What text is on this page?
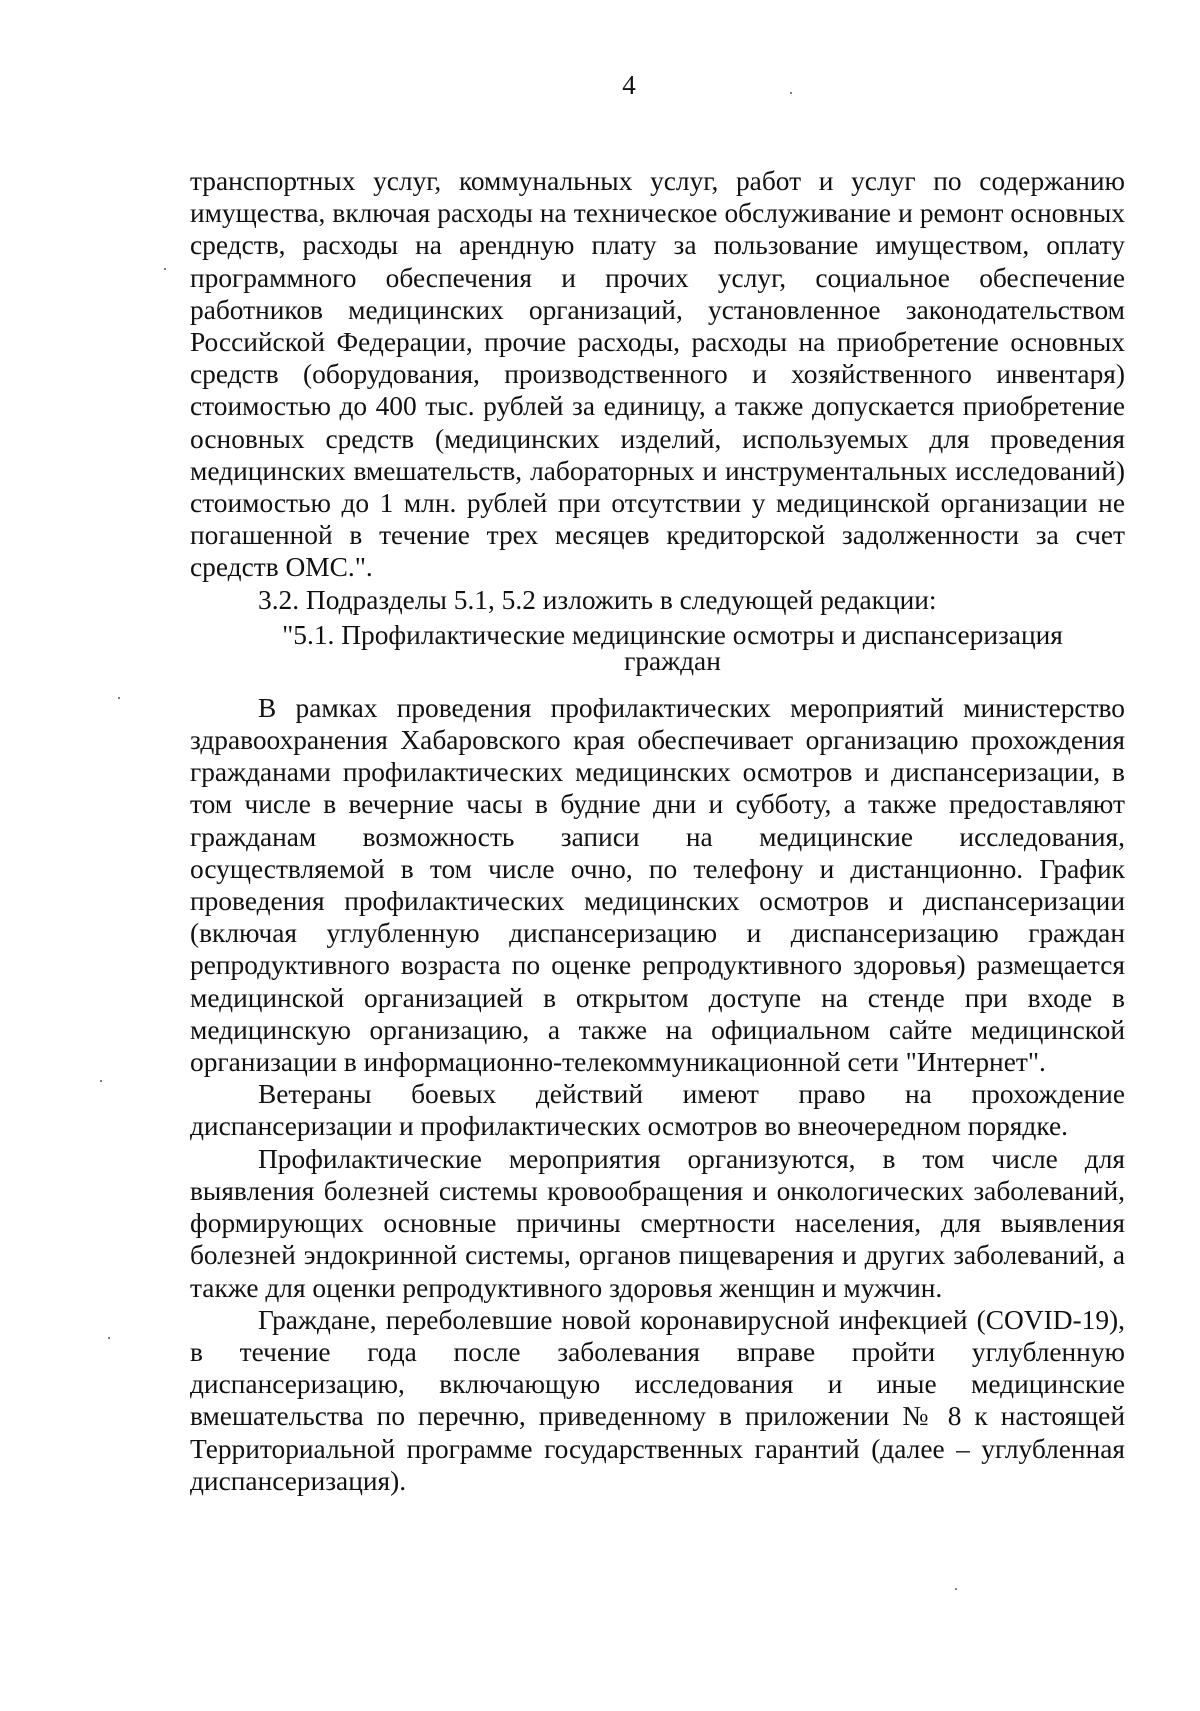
4

транспортных услуг, коммунальных услуг, работ и услуг по содержанию имущества, включая расходы на техническое обслуживание и ремонт основных средств, расходы на арендную плату за пользование имуществом, оплату программного обеспечения и прочих услуг, социальное обеспечение работников медицинских организаций, установленное законодательством Российской Федерации, прочие расходы, расходы на приобретение основных средств (оборудования, производственного и хозяйственного инвентаря) стоимостью до 400 тыс. рублей за единицу, а также допускается приобретение основных средств (медицинских изделий, используемых для проведения медицинских вмешательств, лабораторных и инструментальных исследований) стоимостью до 1 млн. рублей при отсутствии у медицинской организации не погашенной в течение трех месяцев кредиторской задолженности за счет средств ОМС.".

3.2. Подразделы 5.1, 5.2 изложить в следующей редакции:

"5.1. Профилактические медицинские осмотры и диспансеризация
граждан

В рамках проведения профилактических мероприятий министерство здравоохранения Хабаровского края обеспечивает организацию прохождения гражданами профилактических медицинских осмотров и диспансеризации, в том числе в вечерние часы в будние дни и субботу, а также предоставляют гражданам возможность записи на медицинские исследования, осуществляемой в том числе очно, по телефону и дистанционно. График проведения профилактических медицинских осмотров и диспансеризации (включая углубленную диспансеризацию и диспансеризацию граждан репродуктивного возраста по оценке репродуктивного здоровья) размещается медицинской организацией в открытом доступе на стенде при входе в медицинскую организацию, а также на официальном сайте медицинской организации в информационно-телекоммуникационной сети "Интернет".

Ветераны боевых действий имеют право на прохождение диспансеризации и профилактических осмотров во внеочередном порядке.

Профилактические мероприятия организуются, в том числе для выявления болезней системы кровообращения и онкологических заболеваний, формирующих основные причины смертности населения, для выявления болезней эндокринной системы, органов пищеварения и других заболеваний, а также для оценки репродуктивного здоровья женщин и мужчин.

Граждане, переболевшие новой коронавирусной инфекцией (COVID-19), в течение года после заболевания вправе пройти углубленную диспансеризацию, включающую исследования и иные медицинские вмешательства по перечню, приведенному в приложении № 8 к настоящей Территориальной программе государственных гарантий (далее – углубленная диспансеризация).
